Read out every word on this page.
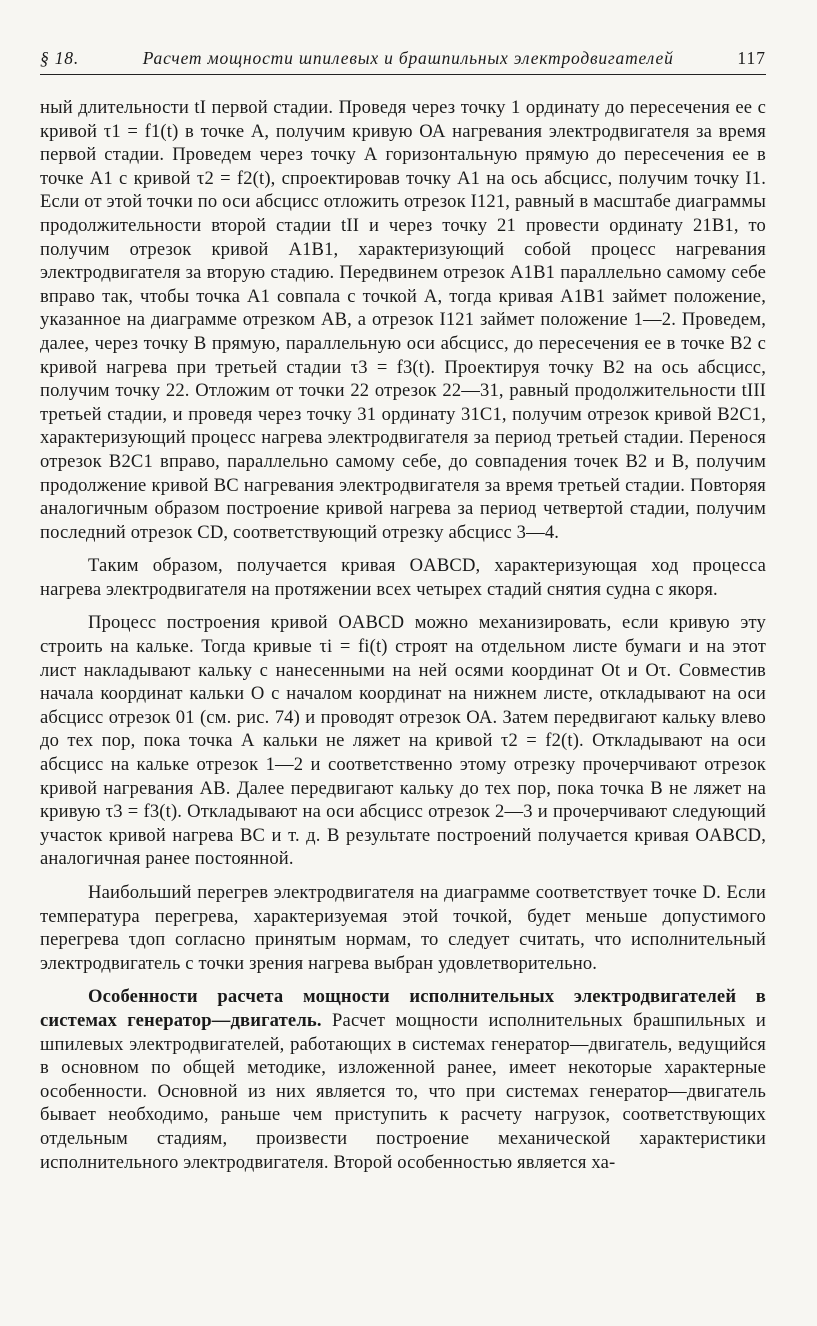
§ 18.	Расчет мощности шпилевых и брашпильных электродвигателей	117

ный длительности tI первой стадии. Проведя через точку 1 ординату до пересечения ее с кривой τ1 = f1(t) в точке А, получим кривую ОА нагревания электродвигателя за время первой стадии. Проведем через точку А горизонтальную прямую до пересечения ее в точке А1 с кривой τ2 = f2(t), спроектировав точку А1 на ось абсцисс, получим точку I1. Если от этой точки по оси абсцисс отложить отрезок I121, равный в масштабе диаграммы продолжительности второй стадии tII и через точку 21 провести ординату 21В1, то получим отрезок кривой А1В1, характеризующий собой процесс нагревания электродвигателя за вторую стадию. Передвинем отрезок А1В1 параллельно самому себе вправо так, чтобы точка А1 совпала с точкой А, тогда кривая А1В1 займет положение, указанное на диаграмме отрезком АВ, а отрезок I121 займет положение 1—2. Проведем, далее, через точку В прямую, параллельную оси абсцисс, до пересечения ее в точке В2 с кривой нагрева при третьей стадии τ3 = f3(t). Проектируя точку В2 на ось абсцисс, получим точку 22. Отложим от точки 22 отрезок 22—31, равный продолжительности tIII третьей стадии, и проведя через точку 31 ординату 31С1, получим отрезок кривой В2С1, характеризующий процесс нагрева электродвигателя за период третьей стадии. Перенося отрезок В2С1 вправо, параллельно самому себе, до совпадения точек В2 и В, получим продолжение кривой ВС нагревания электродвигателя за время третьей стадии. Повторяя аналогичным образом построение кривой нагрева за период четвертой стадии, получим последний отрезок CD, соответствующий отрезку абсцисс 3—4.

Таким образом, получается кривая OABCD, характеризующая ход процесса нагрева электродвигателя на протяжении всех четырех стадий снятия судна с якоря.

Процесс построения кривой OABCD можно механизировать, если кривую эту строить на кальке. Тогда кривые τi = fi(t) строят на отдельном листе бумаги и на этот лист накладывают кальку с нанесенными на ней осями координат Оt и Оτ. Совместив начала координат кальки О с началом координат на нижнем листе, откладывают на оси абсцисс отрезок 01 (см. рис. 74) и проводят отрезок ОА. Затем передвигают кальку влево до тех пор, пока точка А кальки не ляжет на кривой τ2 = f2(t). Откладывают на оси абсцисс на кальке отрезок 1—2 и соответственно этому отрезку прочерчивают отрезок кривой нагревания АВ. Далее передвигают кальку до тех пор, пока точка В не ляжет на кривую τ3 = f3(t). Откладывают на оси абсцисс отрезок 2—3 и прочерчивают следующий участок кривой нагрева ВС и т. д. В результате построений получается кривая OABCD, аналогичная ранее постоянной.

Наибольший перегрев электродвигателя на диаграмме соответствует точке D. Если температура перегрева, характеризуемая этой точкой, будет меньше допустимого перегрева τдоп согласно принятым нормам, то следует считать, что исполнительный электродвигатель с точки зрения нагрева выбран удовлетворительно.

Особенности расчета мощности исполнительных электродвигателей в системах генератор—двигатель. Расчет мощности исполнительных брашпильных и шпилевых электродвигателей, работающих в системах генератор—двигатель, ведущийся в основном по общей методике, изложенной ранее, имеет некоторые характерные особенности. Основной из них является то, что при системах генератор—двигатель бывает необходимо, раньше чем приступить к расчету нагрузок, соответствующих отдельным стадиям, произвести построение механической характеристики исполнительного электродвигателя. Второй особенностью является ха-
